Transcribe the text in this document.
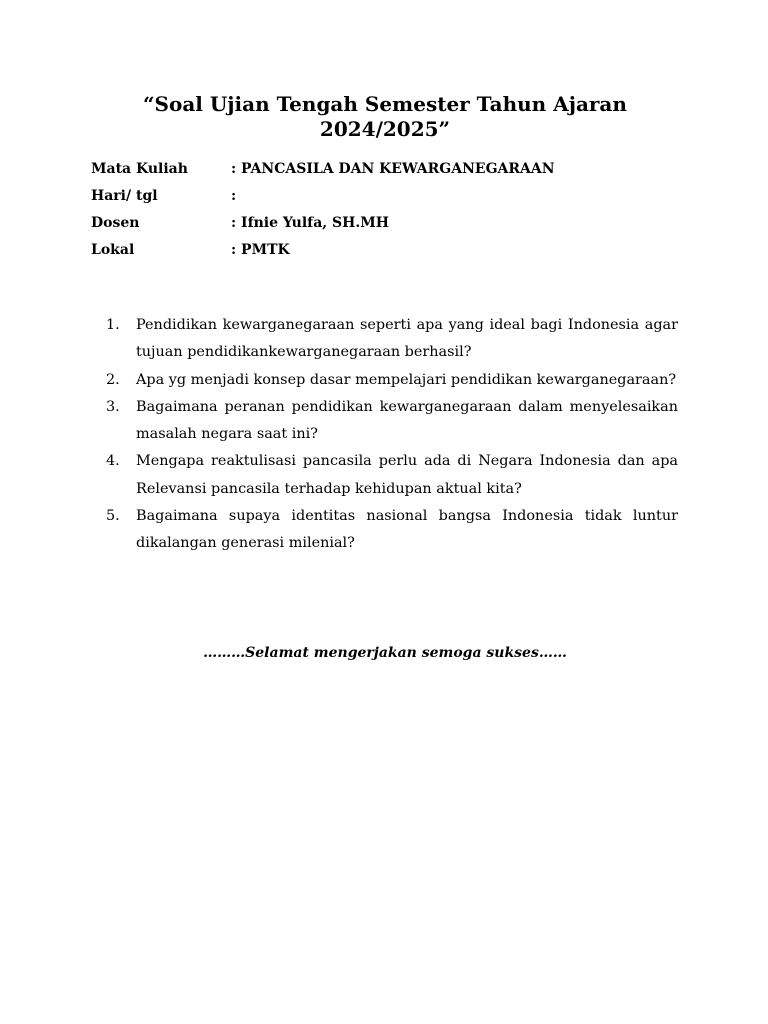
“Soal Ujian Tengah Semester Tahun Ajaran
2024/2025”
Mata Kuliah	: PANCASILA DAN KEWARGANEGARAAN
Hari/ tgl	:
Dosen	: Ifnie Yulfa, SH.MH
Lokal	: PMTK
1.	Pendidikan kewarganegaraan seperti apa yang ideal bagi Indonesia agar tujuan pendidikankewarganegaraan berhasil?
2.	Apa yg menjadi konsep dasar mempelajari pendidikan kewarganegaraan?
3.	Bagaimana peranan pendidikan kewarganegaraan dalam menyelesaikan masalah negara saat ini?
4.	Mengapa reaktulisasi pancasila perlu ada di Negara Indonesia dan apa Relevansi pancasila terhadap kehidupan aktual kita?
5.	Bagaimana supaya identitas nasional bangsa Indonesia tidak luntur dikalangan generasi milenial?
………Selamat mengerjakan semoga sukses……
